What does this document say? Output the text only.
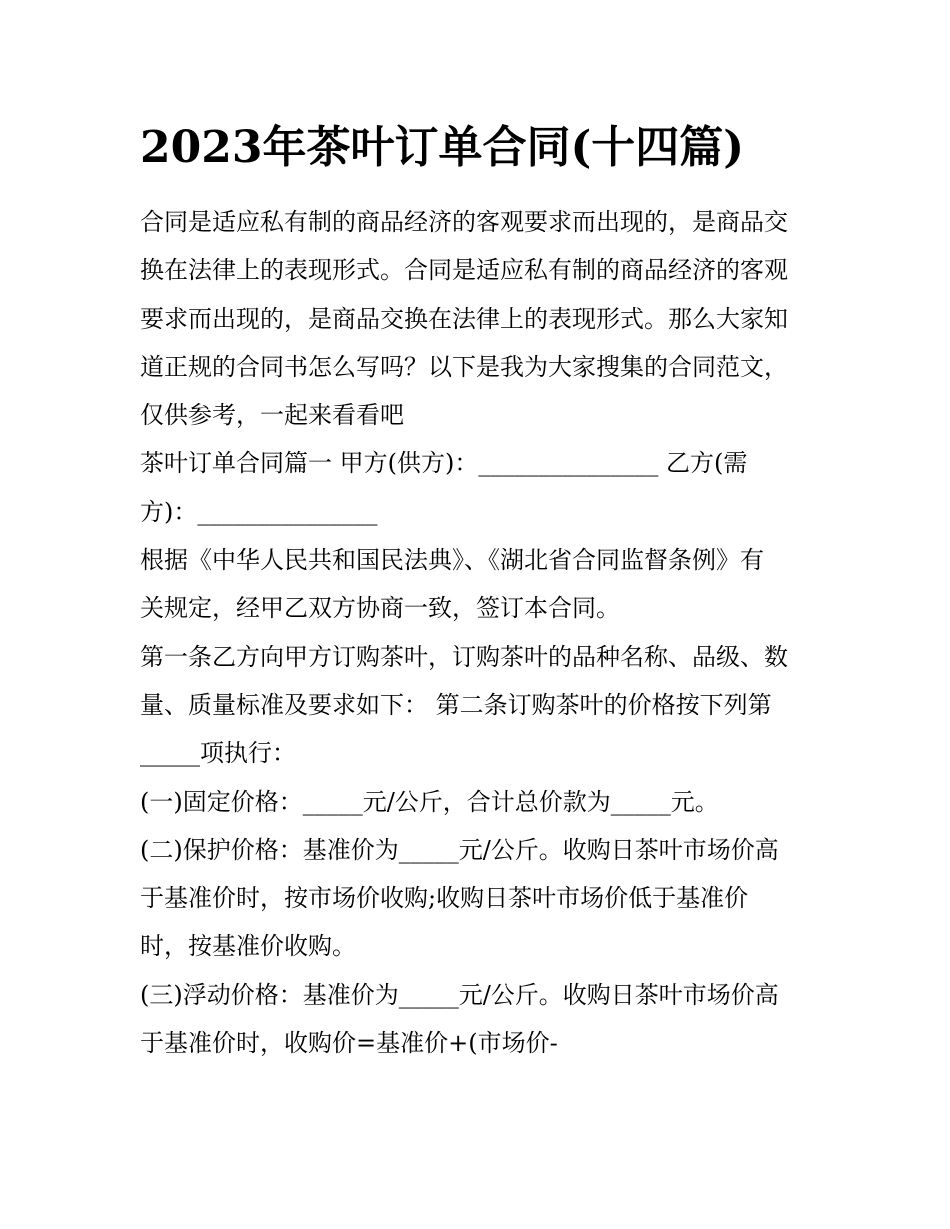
2023年茶叶订单合同(十四篇)

合同是适应私有制的商品经济的客观要求而出现的，是商品交

换在法律上的表现形式。合同是适应私有制的商品经济的客观

要求而出现的，是商品交换在法律上的表现形式。那么大家知

道正规的合同书怎么写吗？以下是我为大家搜集的合同范文，

仅供参考，一起来看看吧

茶叶订单合同篇一 甲方(供方)：_______________ 乙方(需

方)：_______________

根据《中华人民共和国民法典》、《湖北省合同监督条例》有

关规定，经甲乙双方协商一致，签订本合同。

第一条乙方向甲方订购茶叶，订购茶叶的品种名称、品级、数

量、质量标准及要求如下： 第二条订购茶叶的价格按下列第

_____项执行：

(一)固定价格：_____元/公斤，合计总价款为_____元。

(二)保护价格：基准价为_____元/公斤。收购日茶叶市场价高

于基准价时，按市场价收购;收购日茶叶市场价低于基准价

时，按基准价收购。

(三)浮动价格：基准价为_____元/公斤。收购日茶叶市场价高

于基准价时，收购价=基准价+(市场价-
